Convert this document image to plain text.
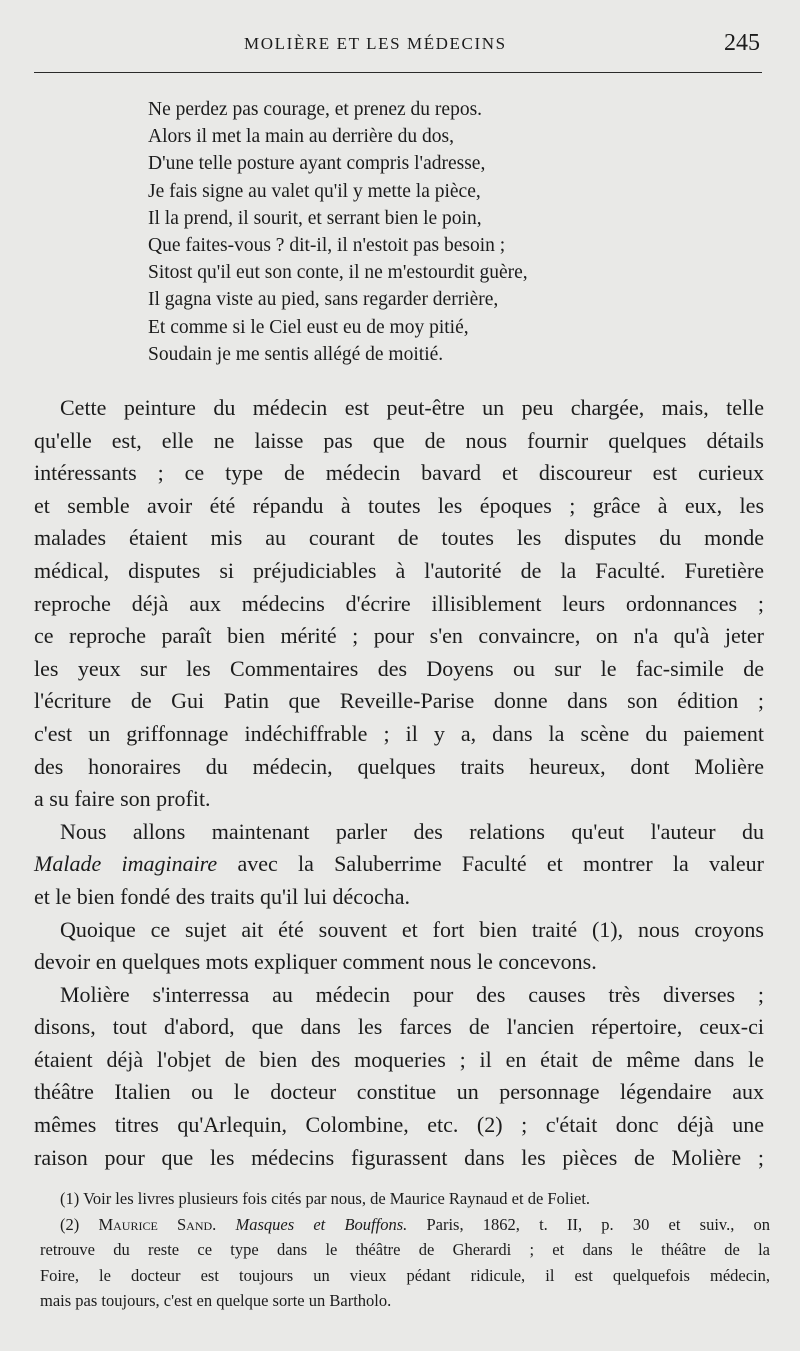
MOLIÈRE ET LES MÉDECINS	245
Ne perdez pas courage, et prenez du repos.
Alors il met la main au derrière du dos,
D'une telle posture ayant compris l'adresse,
Je fais signe au valet qu'il y mette la pièce,
Il la prend, il sourit, et serrant bien le poin,
Que faites-vous ? dit-il, il n'estoit pas besoin ;
Sitost qu'il eut son conte, il ne m'estourdit guère,
Il gagna viste au pied, sans regarder derrière,
Et comme si le Ciel eust eu de moy pitié,
Soudain je me sentis allégé de moitié.
Cette peinture du médecin est peut-être un peu chargée, mais, telle
qu'elle est, elle ne laisse pas que de nous fournir quelques détails
intéressants ; ce type de médecin bavard et discoureur est curieux
et semble avoir été répandu à toutes les époques ; grâce à eux, les
malades étaient mis au courant de toutes les disputes du monde
médical, disputes si préjudiciables à l'autorité de la Faculté. Furetière
reproche déjà aux médecins d'écrire illisiblement leurs ordonnances ;
ce reproche paraît bien mérité ; pour s'en convaincre, on n'a qu'à jeter
les yeux sur les Commentaires des Doyens ou sur le fac-simile de
l'écriture de Gui Patin que Reveille-Parise donne dans son édition ;
c'est un griffonnage indéchiffrable ; il y a, dans la scène du paiement
des honoraires du médecin, quelques traits heureux, dont Molière
a su faire son profit.
Nous allons maintenant parler des relations qu'eut l'auteur du
Malade imaginaire avec la Saluberrime Faculté et montrer la valeur
et le bien fondé des traits qu'il lui décocha.
Quoique ce sujet ait été souvent et fort bien traité (1), nous croyons
devoir en quelques mots expliquer comment nous le concevons.
Molière s'interressa au médecin pour des causes très diverses ;
disons, tout d'abord, que dans les farces de l'ancien répertoire, ceux-ci
étaient déjà l'objet de bien des moqueries ; il en était de même dans le
théâtre Italien ou le docteur constitue un personnage légendaire aux
mêmes titres qu'Arlequin, Colombine, etc. (2) ; c'était donc déjà une
raison pour que les médecins figurassent dans les pièces de Molière ;
(1) Voir les livres plusieurs fois cités par nous, de Maurice Raynaud et de Foliet.
(2) Maurice Sand. Masques et Bouffons. Paris, 1862, t. II, p. 30 et suiv., on
retrouve du reste ce type dans le théâtre de Gherardi ; et dans le théâtre de la
Foire, le docteur est toujours un vieux pédant ridicule, il est quelquefois médecin,
mais pas toujours, c'est en quelque sorte un Bartholo.
